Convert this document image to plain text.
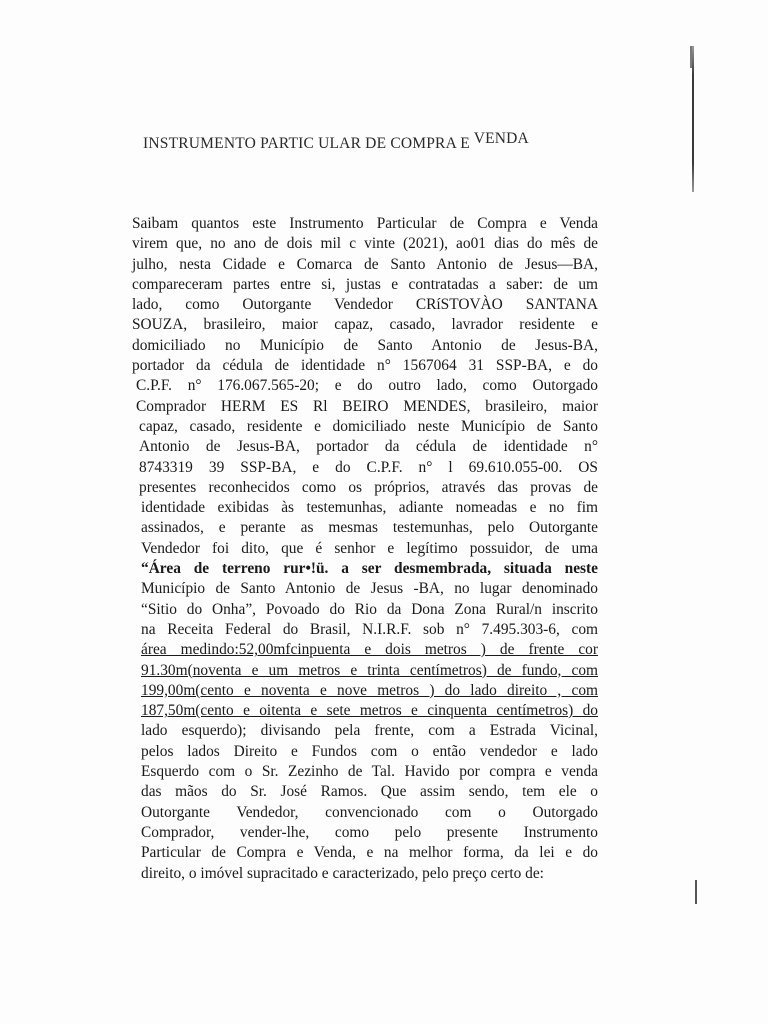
INSTRUMENTO PARTIC ULAR DE COMPRA E VENDA
Saibam quantos este Instrumento Particular de Compra e Venda
virem que, no ano de dois mil c vinte (2021), ao01 dias do mês de
julho, nesta Cidade e Comarca de Santo Antonio de Jesus—BA,
compareceram partes entre si, justas e contratadas a saber: de um
lado, como Outorgante Vendedor CRíSTOVÀO SANTANA
SOUZA, brasileiro, maior capaz, casado, lavrador residente e
domiciliado no Município de Santo Antonio de Jesus-BA,
portador da cédula de identidade n° 1567064 31 SSP-BA, e do
C.P.F. n° 176.067.565-20; e do outro lado, como Outorgado
Comprador HERM ES Rl BEIRO MENDES, brasileiro, maior
capaz, casado, residente e domiciliado neste Município de Santo
Antonio de Jesus-BA, portador da cédula de identidade n°
8743319 39 SSP-BA, e do C.P.F. n° l 69.610.055-00. OS
presentes reconhecidos como os próprios, através das provas de
identidade exibidas às testemunhas, adiante nomeadas e no fim
assinados, e perante as mesmas testemunhas, pelo Outorgante
Vendedor foi dito, que é senhor e legítimo possuidor, de uma
“Área de terreno rur•!ü. a ser desmembrada, situada neste
Município de Santo Antonio de Jesus -BA, no lugar denominado
“Sitio do Onha”, Povoado do Rio da Dona Zona Rural/n inscrito
na Receita Federal do Brasil, N.I.R.F. sob n° 7.495.303-6, com
área medindo:52,00mfcinpuenta e dois metros ) de frente cor
91.30m(noventa e um metros e trinta centímetros) de fundo, com
199,00m(cento e noventa e nove metros ) do lado direito , com
187,50m(cento e oitenta e sete metros e cinquenta centímetros) do
lado esquerdo); divisando pela frente, com a Estrada Vicinal,
pelos lados Direito e Fundos com o então vendedor e lado
Esquerdo com o Sr. Zezinho de Tal. Havido por compra e venda
das mãos do Sr. José Ramos. Que assim sendo, tem ele o
Outorgante Vendedor, convencionado com o Outorgado
Comprador, vender-lhe, como pelo presente Instrumento
Particular de Compra e Venda, e na melhor forma, da lei e do
direito, o imóvel supracitado e caracterizado, pelo preço certo de:
